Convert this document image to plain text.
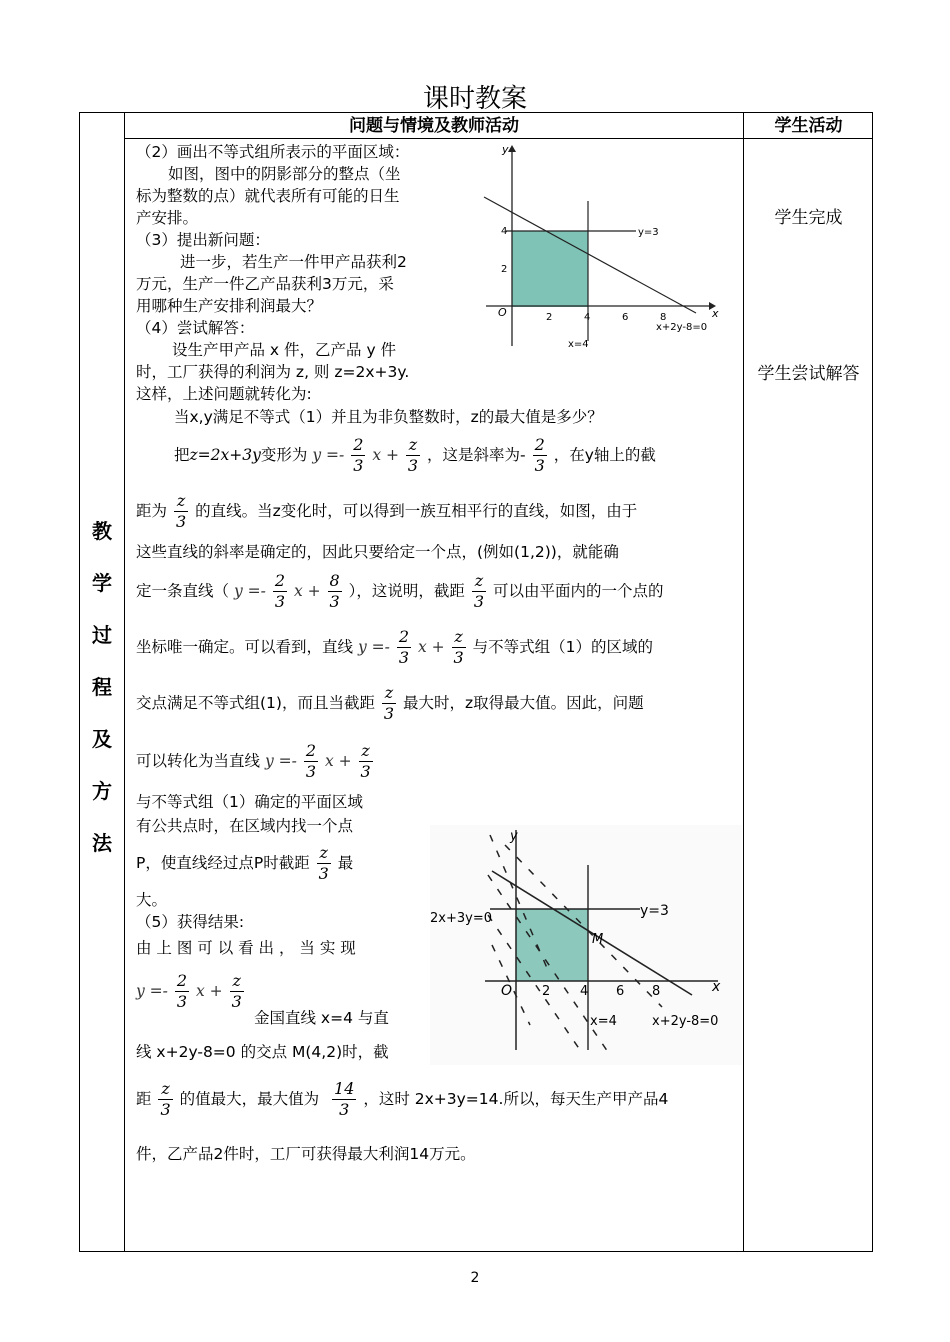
课时教案
问题与情境及教师活动	学生活动
教
学
过
程
及
方
法
学生完成
学生尝试解答
（2）画出不等式组所表示的平面区域：
如图，图中的阴影部分的整点（坐
标为整数的点）就代表所有可能的日生
产安排。
（3）提出新问题：
进一步，若生产一件甲产品获利2
万元，生产一件乙产品获利3万元，采
用哪种生产安排利润最大？
（4）尝试解答：
设生产甲产品 x 件，乙产品 y 件
时，工厂获得的利润为 z, 则 z=2x+3y.
这样，上述问题就转化为:
O
y
x
2	4	6	8
2
4	y=3
x=4
x+2y-8=0
当x,y满足不等式（1）并且为非负整数时，z的最大值是多少？
把z=2x+3y变形为 $y =- \frac{2}{3}$ $x + \frac{z}{3}$ ，这是斜率为- $\frac{2}{3}$ ，在y轴上的截
距为 $\frac{z}{3}$ 的直线。当z变化时，可以得到一族互相平行的直线，如图，由于
这些直线的斜率是确定的，因此只要给定一个点，(例如(1,2))，就能确
定一条直线（ $y =- \frac{2}{3}$ $x + \frac{8}{3}$ ），这说明，截距 $\frac{z}{3}$ 可以由平面内的一个点的
坐标唯一确定。可以看到，直线 $y =- \frac{2}{3}$ $x + \frac{z}{3}$ 与不等式组（1）的区域的
交点满足不等式组(1)，而且当截距 $\frac{z}{3}$ 最大时，z取得最大值。因此，问题
可以转化为当直线 $y =- \frac{2}{3}$ $x + \frac{z}{3}$
与不等式组（1）确定的平面区域
有公共点时，在区域内找一个点
P，使直线经过点P时截距 $\frac{z}{3}$ 最
大。
（5）获得结果:
由 上 图 可 以 看 出 ， 当 实 现
$y =- \frac{2}{3}$ $x + \frac{z}{3}$
金国直线 x=4 与直
线 x+2y-8=0 的交点 M(4,2)时，截
距 $\frac{z}{3}$ 的值最大，最大值为 $\frac{14}{3}$ ，这时 2x+3y=14.所以，每天生产甲产品4
件，乙产品2件时，工厂可获得最大利润14万元。
O
y
x
2 4 6 8
y=3
M
2x+3y=0
x=4	x+2y-8=0
2
